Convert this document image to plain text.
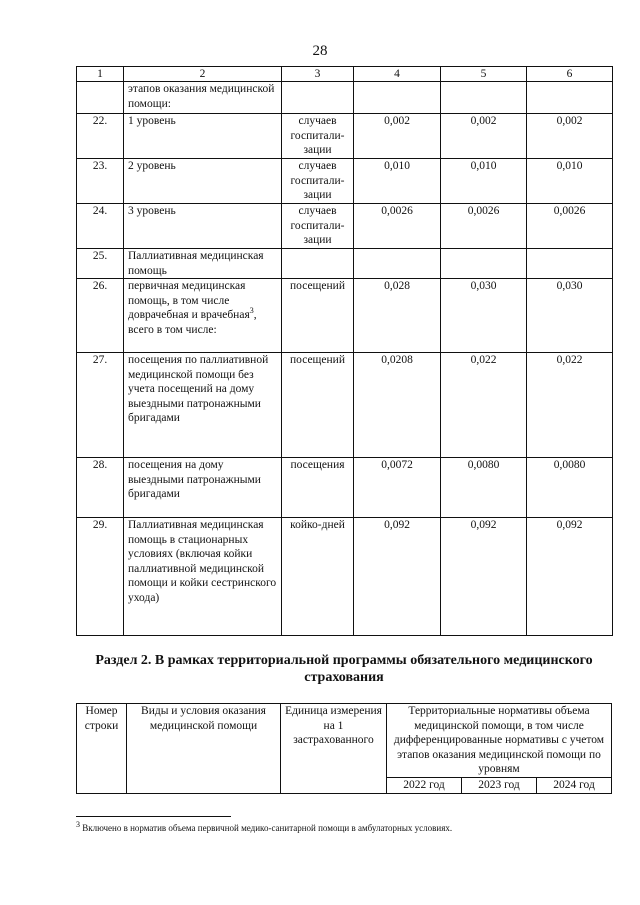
28
1	2	3	4	5	6
	этапов оказания медицинской помощи:				
22.	1 уровень	случаев госпитали-зации	0,002	0,002	0,002
23.	2 уровень	случаев госпитали-зации	0,010	0,010	0,010
24.	3 уровень	случаев госпитали-зации	0,0026	0,0026	0,0026
25.	Паллиативная медицинская помощь				
26.	первичная медицинская помощь, в том числе доврачебная и врачебная$^3$, всего в том числе:	посещений	0,028	0,030	0,030
27.	посещения по паллиативной медицинской помощи без учета посещений на дому выездными патронажными бригадами	посещений	0,0208	0,022	0,022
28.	посещения на дому выездными патронажными бригадами	посещения	0,0072	0,0080	0,0080
29.	Паллиативная медицинская помощь в стационарных условиях (включая койки паллиативной медицинской помощи и койки сестринского ухода)	койко-дней	0,092	0,092	0,092
Раздел 2. В рамках территориальной программы обязательного медицинского страхования
Номер строки	Виды и условия оказания медицинской помощи	Единица измерения на 1 застрахованного	Территориальные нормативы объема медицинской помощи, в том числе дифференцированные нормативы с учетом этапов оказания медицинской помощи по уровням		
			2022 год	2023 год	2024 год
$^3$ Включено в норматив объема первичной медико-санитарной помощи в амбулаторных условиях.
